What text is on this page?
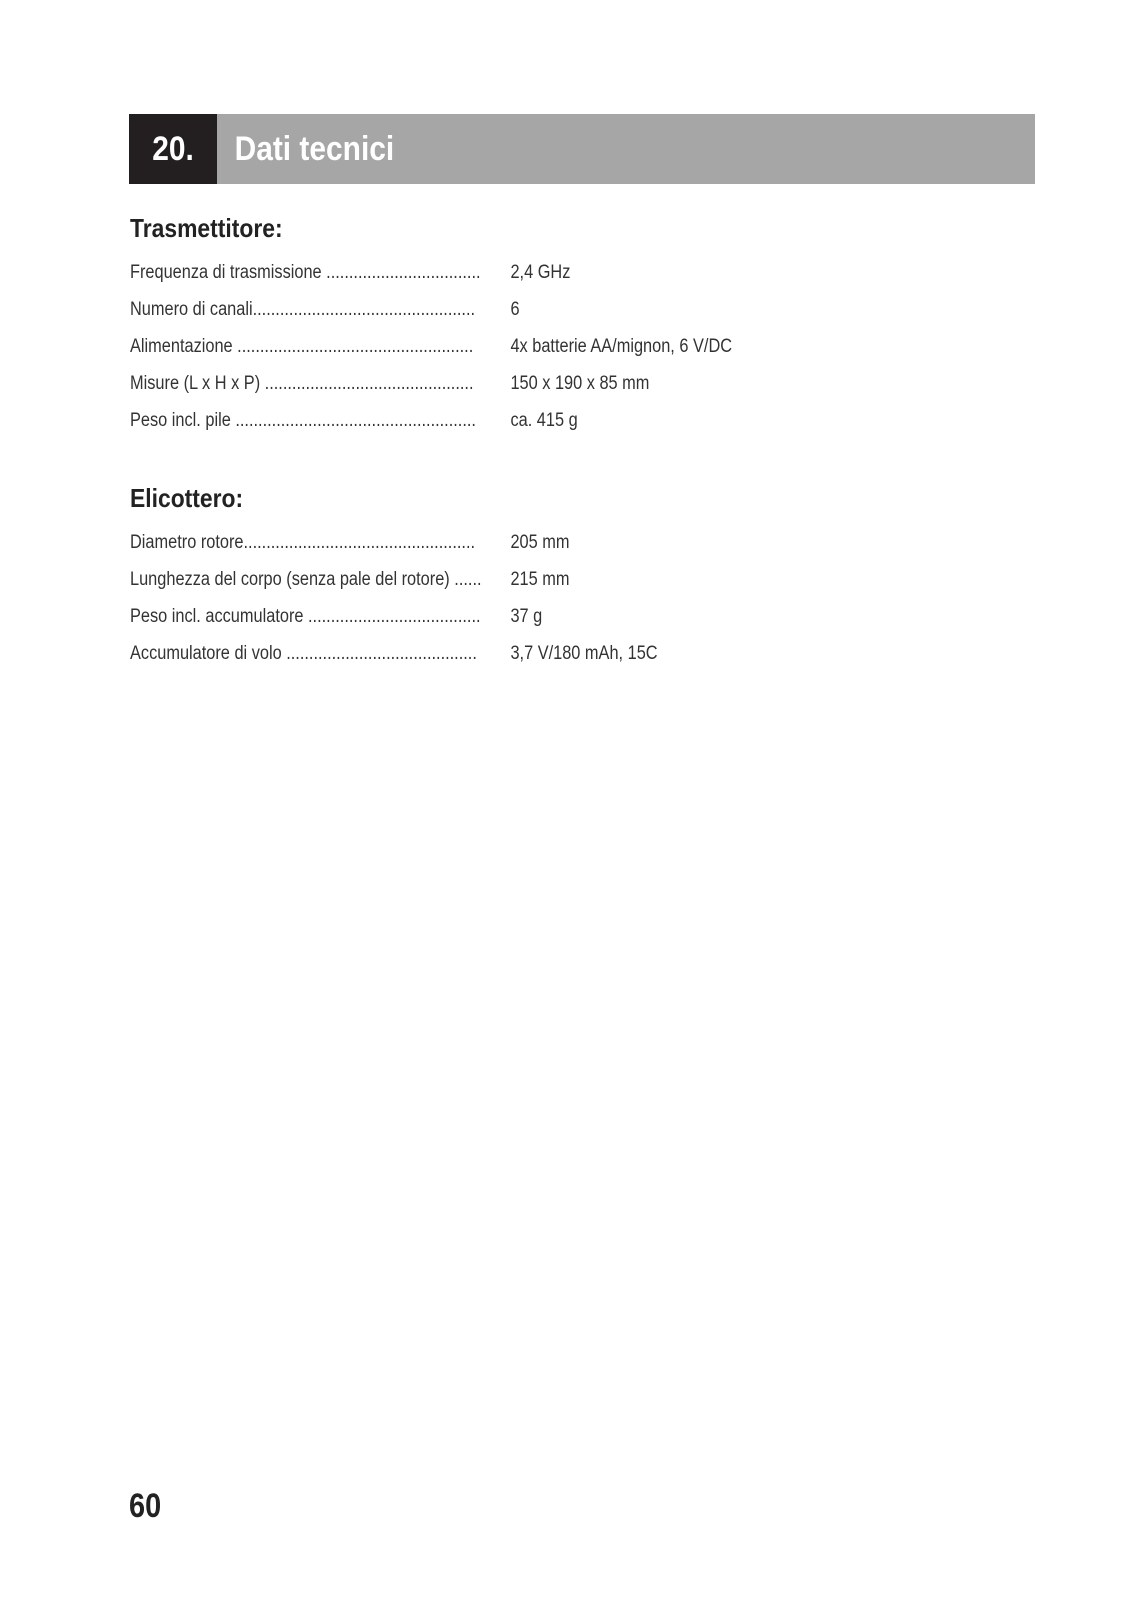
20.	Dati tecnici
Trasmettitore:
Frequenza di trasmissione .................................. 2,4 GHz
Numero di canali................................................. 6
Alimentazione .................................................... 4x batterie AA/mignon, 6 V/DC
Misure (L x H x P) .............................................. 150 x 190 x 85 mm
Peso incl. pile ..................................................... ca. 415 g
Elicottero:
Diametro rotore................................................... 205 mm
Lunghezza del corpo (senza pale del rotore) ...... 215 mm
Peso incl. accumulatore ...................................... 37 g
Accumulatore di volo .......................................... 3,7 V/180 mAh, 15C
60
